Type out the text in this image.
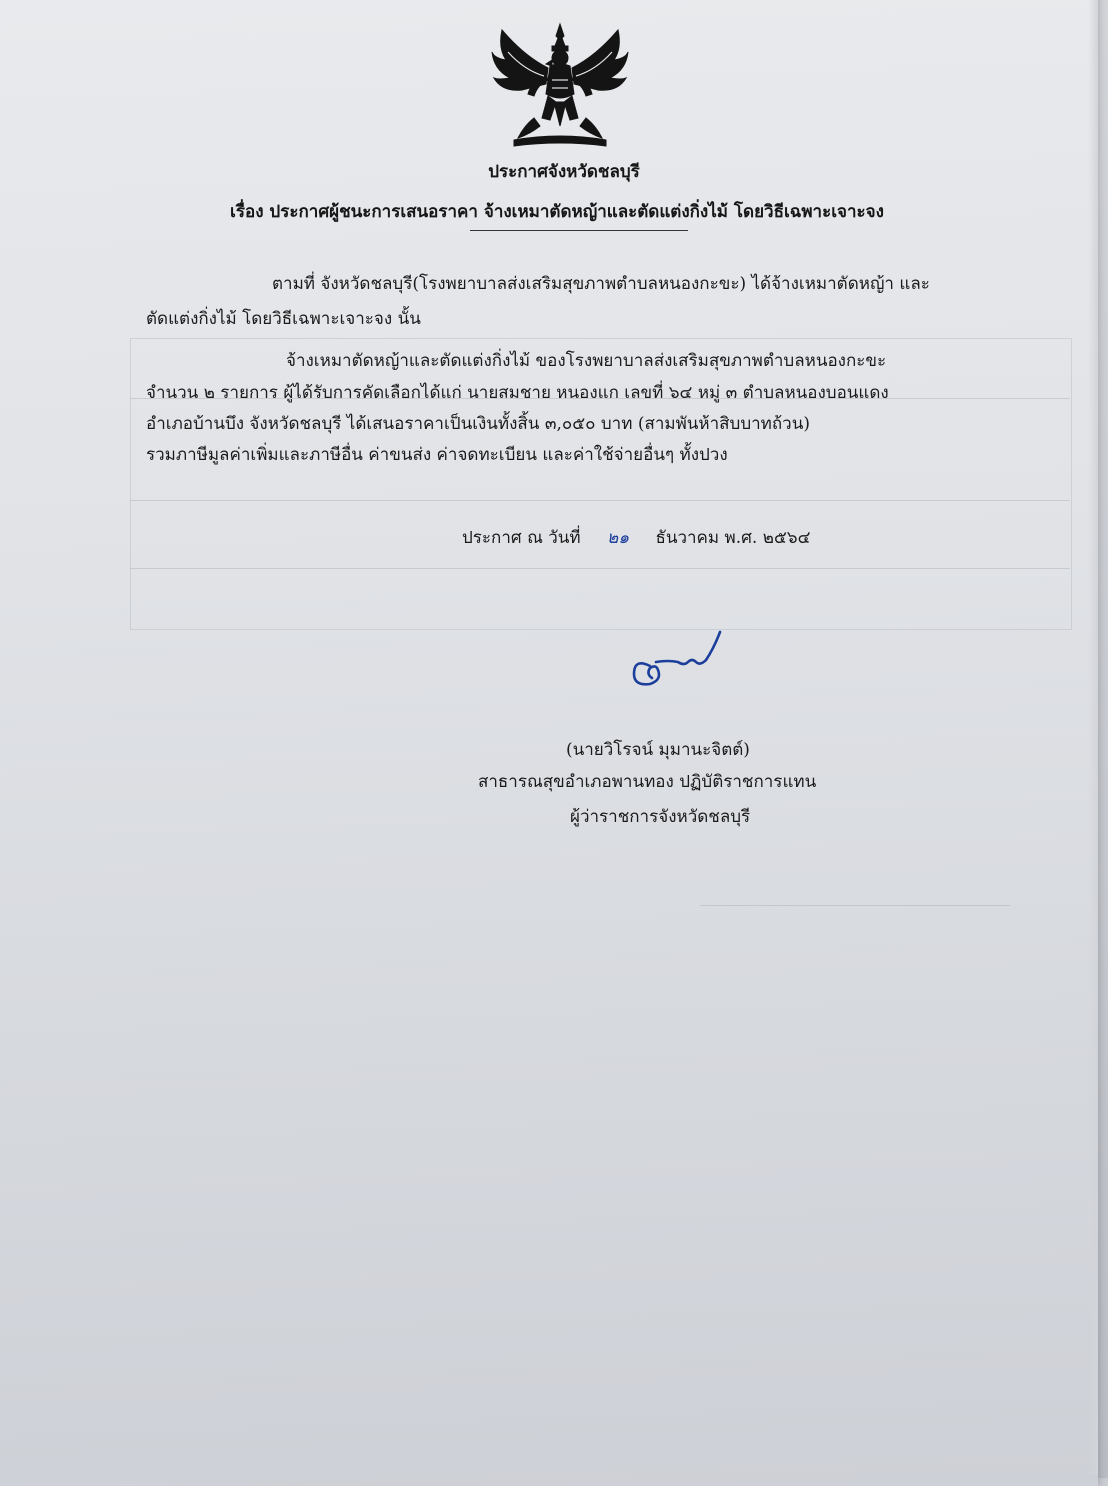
ประกาศจังหวัดชลบุรี
เรื่อง ประกาศผู้ชนะการเสนอราคา จ้างเหมาตัดหญ้าและตัดแต่งกิ่งไม้ โดยวิธีเฉพาะเจาะจง
ตามที่ จังหวัดชลบุรี(โรงพยาบาลส่งเสริมสุขภาพตำบลหนองกะขะ) ได้จ้างเหมาตัดหญ้า และ
ตัดแต่งกิ่งไม้ โดยวิธีเฉพาะเจาะจง นั้น
จ้างเหมาตัดหญ้าและตัดแต่งกิ่งไม้ ของโรงพยาบาลส่งเสริมสุขภาพตำบลหนองกะขะ
จำนวน ๒ รายการ ผู้ได้รับการคัดเลือกได้แก่ นายสมชาย หนองแก เลขที่ ๖๔ หมู่ ๓ ตำบลหนองบอนแดง
อำเภอบ้านบึง จังหวัดชลบุรี ได้เสนอราคาเป็นเงินทั้งสิ้น ๓,๐๕๐ บาท (สามพันห้าสิบบาทถ้วน)
รวมภาษีมูลค่าเพิ่มและภาษีอื่น ค่าขนส่ง ค่าจดทะเบียน และค่าใช้จ่ายอื่นๆ ทั้งปวง
ประกาศ ณ วันที่ ๒๑ ธันวาคม พ.ศ. ๒๕๖๔
(นายวิโรจน์ มุมานะจิตต์)
สาธารณสุขอำเภอพานทอง ปฏิบัติราชการแทน
ผู้ว่าราชการจังหวัดชลบุรี
